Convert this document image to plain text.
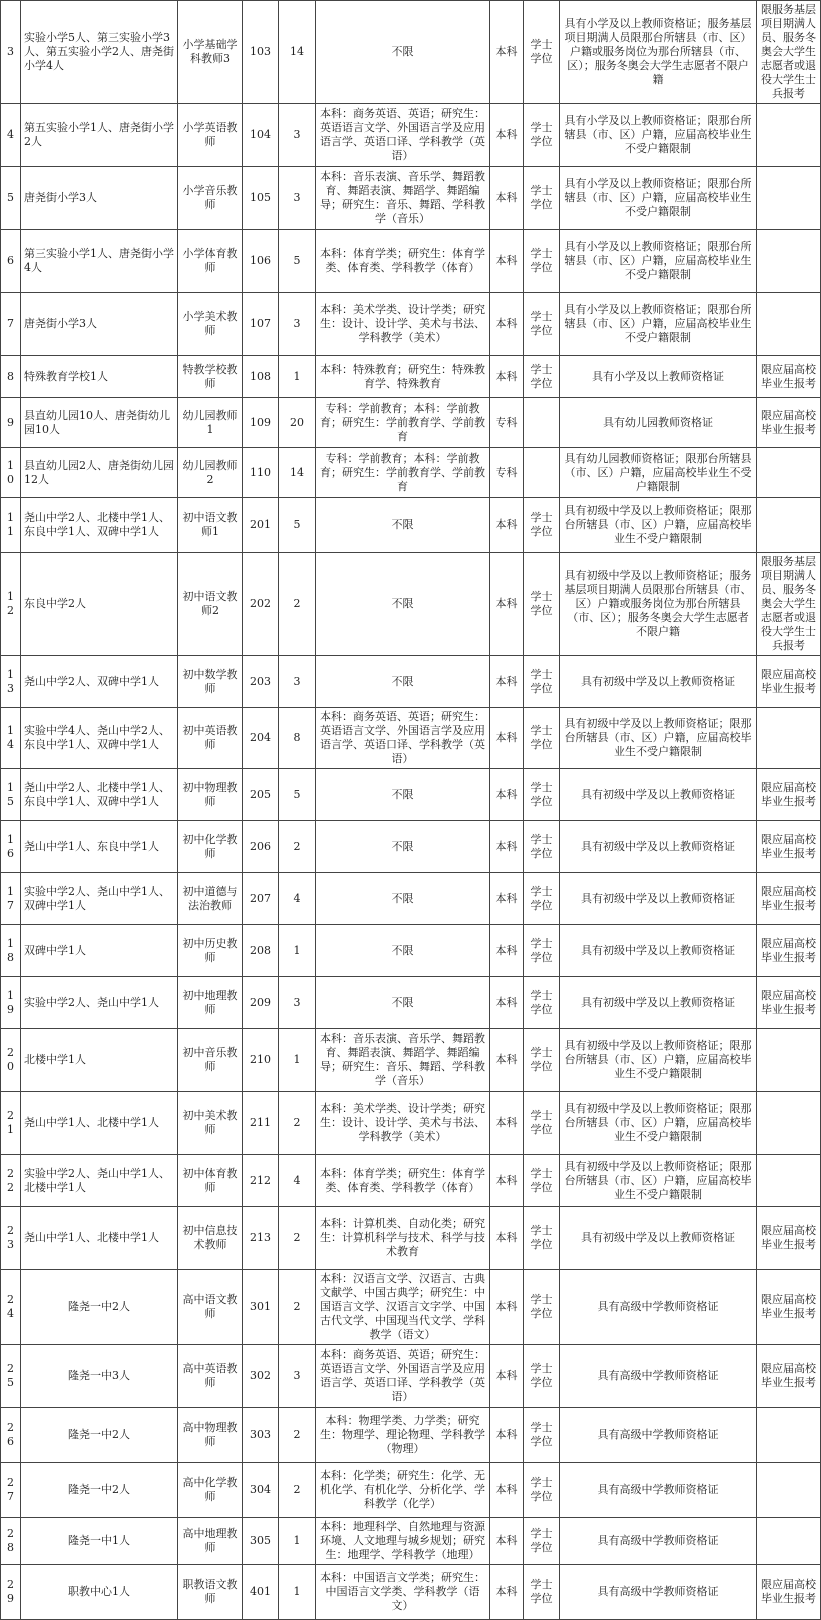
3	实验小学5人、第三实验小学3人、第五实验小学2人、唐尧街小学4人	小学基础学科教师3	103	14	不限	本科	学士学位	具有小学及以上教师资格证；服务基层项目期满人员限那台所辖县（市、区）户籍或服务岗位为那台所辖县（市、区）；服务冬奥会大学生志愿者不限户籍	限服务基层项目期满人员、服务冬奥会大学生志愿者或退役大学生士兵报考
4	第五实验小学1人、唐尧街小学2人	小学英语教师	104	3	本科：商务英语、英语；研究生：英语语言文学、外国语言学及应用语言学、英语口译、学科教学（英语）	本科	学士学位	具有小学及以上教师资格证；限那台所辖县（市、区）户籍，应届高校毕业生不受户籍限制	
5	唐尧街小学3人	小学音乐教师	105	3	本科：音乐表演、音乐学、舞蹈教育、舞蹈表演、舞蹈学、舞蹈编导；研究生：音乐、舞蹈、学科教学（音乐）	本科	学士学位	具有小学及以上教师资格证；限那台所辖县（市、区）户籍，应届高校毕业生不受户籍限制	
6	第三实验小学1人、唐尧街小学4人	小学体育教师	106	5	本科：体育学类；研究生：体育学类、体育类、学科教学（体育）	本科	学士学位	具有小学及以上教师资格证；限那台所辖县（市、区）户籍，应届高校毕业生不受户籍限制	
7	唐尧街小学3人	小学美术教师	107	3	本科：美术学类、设计学类；研究生：设计、设计学、美术与书法、学科教学（美术）	本科	学士学位	具有小学及以上教师资格证；限那台所辖县（市、区）户籍，应届高校毕业生不受户籍限制	
8	特殊教育学校1人	特教学校教师	108	1	本科：特殊教育；研究生：特殊教育学、特殊教育	本科	学士学位	具有小学及以上教师资格证	限应届高校毕业生报考
9	县直幼儿园10人、唐尧街幼儿园10人	幼儿园教师1	109	20	专科：学前教育；本科：学前教育；研究生：学前教育学、学前教育	专科		具有幼儿园教师资格证	限应届高校毕业生报考
10	县直幼儿园2人、唐尧街幼儿园12人	幼儿园教师2	110	14	专科：学前教育；本科：学前教育；研究生：学前教育学、学前教育	专科		具有幼儿园教师资格证；限那台所辖县（市、区）户籍，应届高校毕业生不受户籍限制	
11	尧山中学2人、北楼中学1人、东良中学1人、双碑中学1人	初中语文教师1	201	5	不限	本科	学士学位	具有初级中学及以上教师资格证；限那台所辖县（市、区）户籍，应届高校毕业生不受户籍限制	
12	东良中学2人	初中语文教师2	202	2	不限	本科	学士学位	具有初级中学及以上教师资格证；服务基层项目期满人员限那台所辖县（市、区）户籍或服务岗位为那台所辖县（市、区）；服务冬奥会大学生志愿者不限户籍	限服务基层项目期满人员、服务冬奥会大学生志愿者或退役大学生士兵报考
13	尧山中学2人、双碑中学1人	初中数学教师	203	3	不限	本科	学士学位	具有初级中学及以上教师资格证	限应届高校毕业生报考
14	实验中学4人、尧山中学2人、东良中学1人、双碑中学1人	初中英语教师	204	8	本科：商务英语、英语；研究生：英语语言文学、外国语言学及应用语言学、英语口译、学科教学（英语）	本科	学士学位	具有初级中学及以上教师资格证；限那台所辖县（市、区）户籍，应届高校毕业生不受户籍限制	
15	尧山中学2人、北楼中学1人、东良中学1人、双碑中学1人	初中物理教师	205	5	不限	本科	学士学位	具有初级中学及以上教师资格证	限应届高校毕业生报考
16	尧山中学1人、东良中学1人	初中化学教师	206	2	不限	本科	学士学位	具有初级中学及以上教师资格证	限应届高校毕业生报考
17	实验中学2人、尧山中学1人、双碑中学1人	初中道德与法治教师	207	4	不限	本科	学士学位	具有初级中学及以上教师资格证	限应届高校毕业生报考
18	双碑中学1人	初中历史教师	208	1	不限	本科	学士学位	具有初级中学及以上教师资格证	限应届高校毕业生报考
19	实验中学2人、尧山中学1人	初中地理教师	209	3	不限	本科	学士学位	具有初级中学及以上教师资格证	限应届高校毕业生报考
20	北楼中学1人	初中音乐教师	210	1	本科：音乐表演、音乐学、舞蹈教育、舞蹈表演、舞蹈学、舞蹈编导；研究生：音乐、舞蹈、学科教学（音乐）	本科	学士学位	具有初级中学及以上教师资格证；限那台所辖县（市、区）户籍，应届高校毕业生不受户籍限制	
21	尧山中学1人、北楼中学1人	初中美术教师	211	2	本科：美术学类、设计学类；研究生：设计、设计学、美术与书法、学科教学（美术）	本科	学士学位	具有初级中学及以上教师资格证；限那台所辖县（市、区）户籍，应届高校毕业生不受户籍限制	
22	实验中学2人、尧山中学1人、北楼中学1人	初中体育教师	212	4	本科：体育学类；研究生：体育学类、体育类、学科教学（体育）	本科	学士学位	具有初级中学及以上教师资格证；限那台所辖县（市、区）户籍，应届高校毕业生不受户籍限制	
23	尧山中学1人、北楼中学1人	初中信息技术教师	213	2	本科：计算机类、自动化类；研究生：计算机科学与技术、科学与技术教育	本科	学士学位	具有初级中学及以上教师资格证	限应届高校毕业生报考
24	隆尧一中2人	高中语文教师	301	2	本科：汉语言文学、汉语言、古典文献学、中国古典学；研究生：中国语言文学、汉语言文字学、中国古代文学、中国现当代文学、学科教学（语文）	本科	学士学位	具有高级中学教师资格证	限应届高校毕业生报考
25	隆尧一中3人	高中英语教师	302	3	本科：商务英语、英语；研究生：英语语言文学、外国语言学及应用语言学、英语口译、学科教学（英语）	本科	学士学位	具有高级中学教师资格证	限应届高校毕业生报考
26	隆尧一中2人	高中物理教师	303	2	本科：物理学类、力学类；研究生：物理学、理论物理、学科教学（物理）	本科	学士学位	具有高级中学教师资格证	
27	隆尧一中2人	高中化学教师	304	2	本科：化学类；研究生：化学、无机化学、有机化学、分析化学、学科教学（化学）	本科	学士学位	具有高级中学教师资格证	
28	隆尧一中1人	高中地理教师	305	1	本科：地理科学、自然地理与资源环境、人文地理与城乡规划；研究生：地理学、学科教学（地理）	本科	学士学位	具有高级中学教师资格证	
29	职教中心1人	职教语文教师	401	1	本科：中国语言文学类；研究生：中国语言文学类、学科教学（语文）	本科	学士学位	具有高级中学教师资格证	限应届高校毕业生报考
